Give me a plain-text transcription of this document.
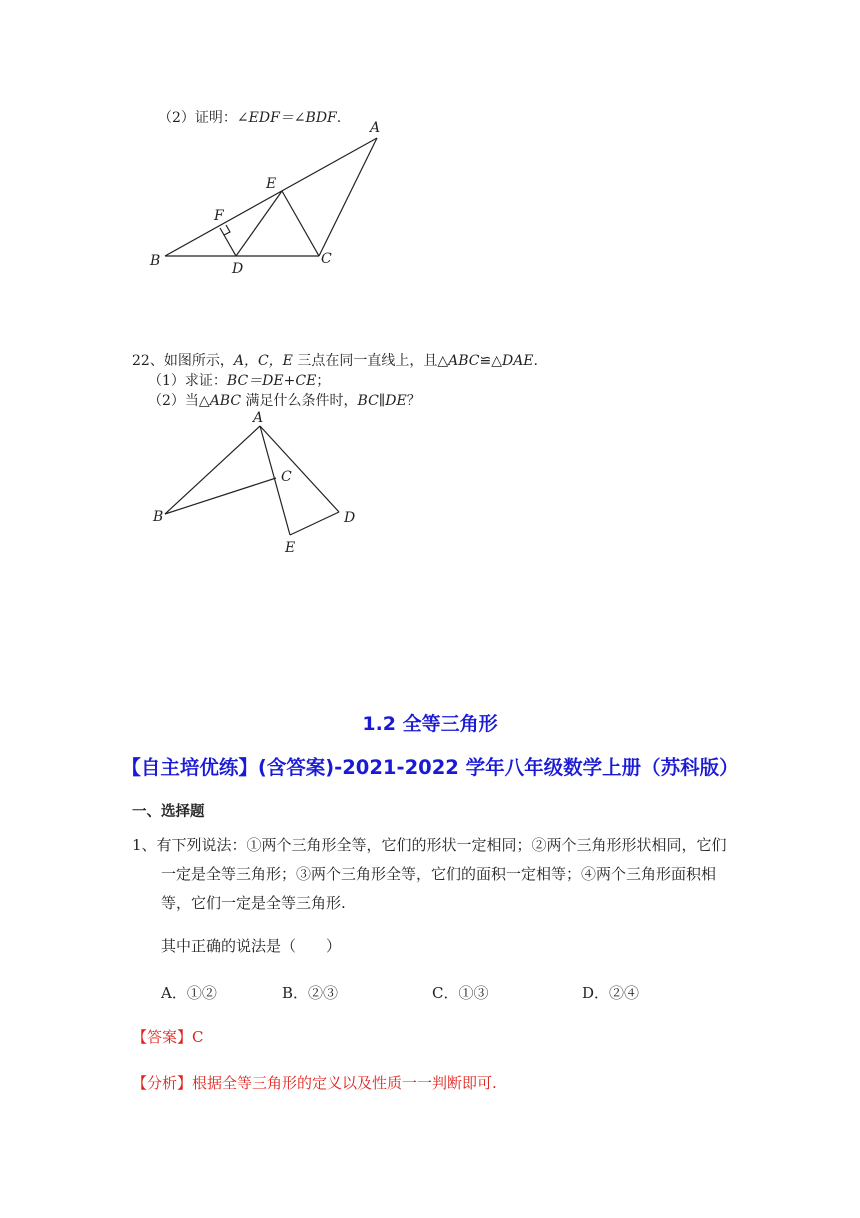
（2）证明：∠EDF＝∠BDF.
A
E
F
B	D
C
22、如图所示，A，C，E 三点在同一直线上，且△ABC≌△DAE.
（1）求证：BC＝DE+CE；
（2）当△ABC 满足什么条件时，BC∥DE？
A
C
B	D
E
1.2 全等三角形
【自主培优练】(含答案)-2021-2022 学年八年级数学上册（苏科版）
一、选择题
1、有下列说法：①两个三角形全等，它们的形状一定相同；②两个三角形形状相同，它们
一定是全等三角形；③两个三角形全等，它们的面积一定相等；④两个三角形面积相
等，它们一定是全等三角形.
其中正确的说法是（　　）
A．①②	B．②③	C．①③	D．②④
【答案】C
【分析】根据全等三角形的定义以及性质一一判断即可.
